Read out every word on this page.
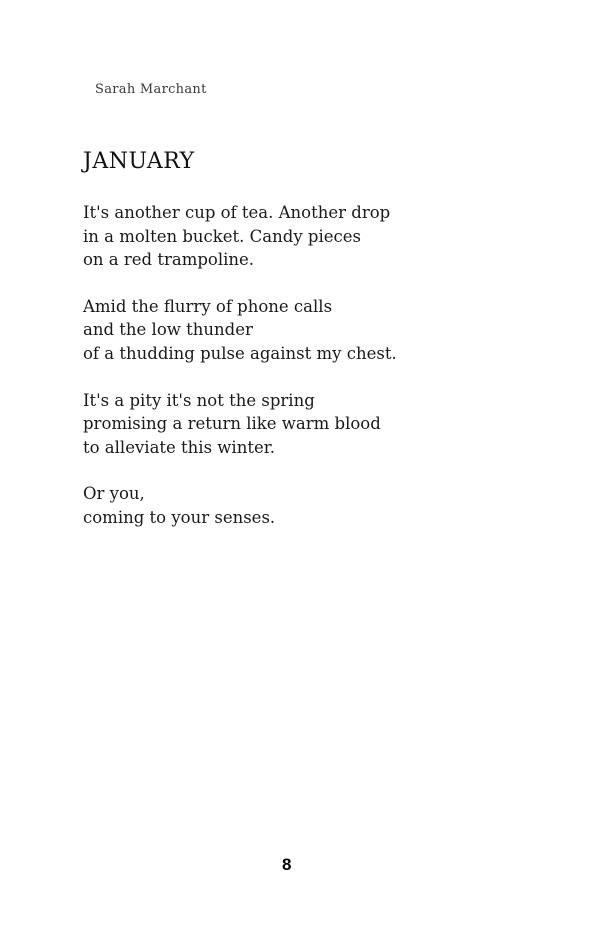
Sarah Marchant
JANUARY
It's another cup of tea. Another drop
in a molten bucket. Candy pieces
on a red trampoline.
Amid the flurry of phone calls
and the low thunder
of a thudding pulse against my chest.
It's a pity it's not the spring
promising a return like warm blood
to alleviate this winter.
Or you,
coming to your senses.
8
